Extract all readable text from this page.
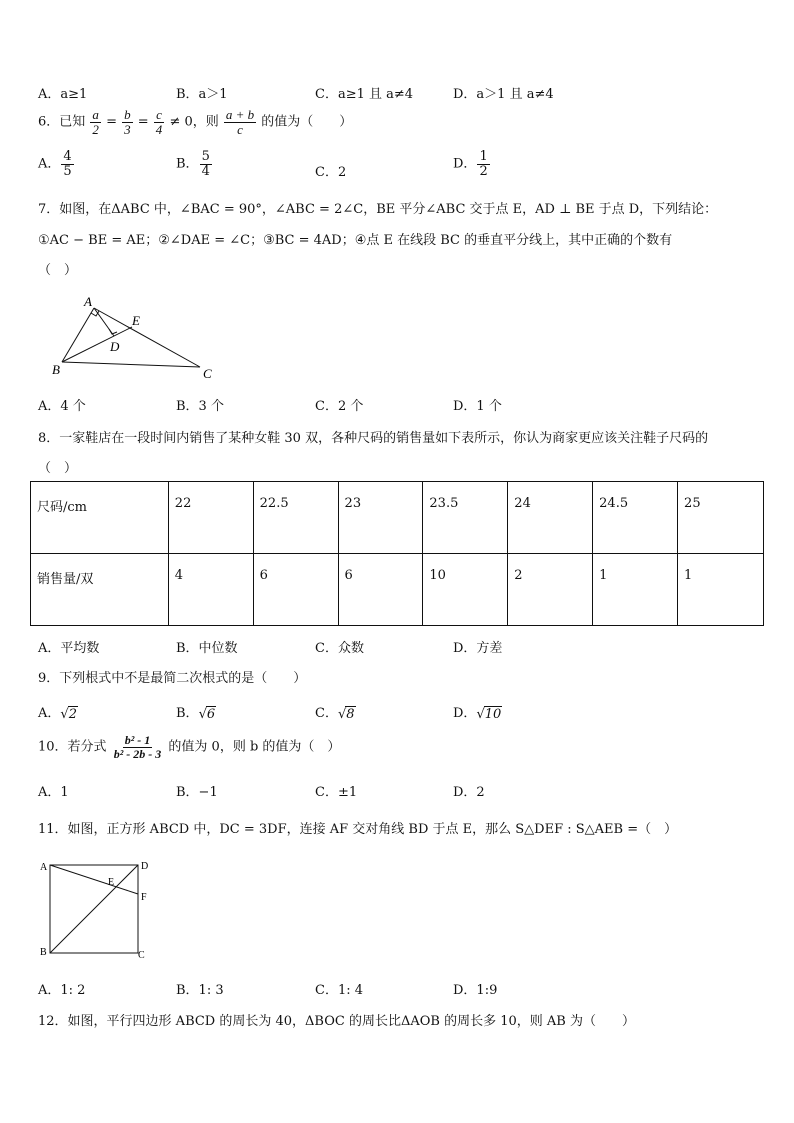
A．a≥1	B．a＞1	C．a≥1 且 a≠4	D．a＞1 且 a≠4
6．已知 $\frac{a}{2} = \frac{b}{3} = \frac{c}{4} \ne 0$，则 $\frac{a + b}{c}$ 的值为（　　）
A． $\frac{4}{5}$	B． $\frac{5}{4}$	C．2
D． $\frac{1}{2}$
7．如图，在ΔABC 中，∠BAC = 90°，∠ABC = 2∠C，BE 平分∠ABC 交于点 E，AD ⊥ BE 于点 D，下列结论：
①AC − BE = AE；②∠DAE = ∠C；③BC = 4AD；④点 E 在线段 BC 的垂直平分线上，其中正确的个数有
（　）
A
B	C
D
E
A．4 个	B．3 个	C．2 个	D．1 个
8．一家鞋店在一段时间内销售了某种女鞋 30 双，各种尺码的销售量如下表所示，你认为商家更应该关注鞋子尺码的
（　）
尺码/cm	22	22.5	23	23.5	24	24.5	25
销售量/双	4	6	6	10	2	1	1
A．平均数	B．中位数	C．众数	D．方差
9．下列根式中不是最简二次根式的是（　　）
A．√2	B．√6	C．√8	D．√10
10．若分式 $\frac{\text{b² - 1}}{\text{b² - 2b - 3}}$ 的值为 0，则 b 的值为（　）
A．1	B．−1	C．±1	D．2
11．如图，正方形 ABCD 中，DC = 3DF，连接 AF 交对角线 BD 于点 E，那么 S△DEF : S△AEB =（　）
A	D
E
F
B	C
A．1: 2	B．1: 3	C．1: 4	D．1:9
12．如图，平行四边形 ABCD 的周长为 40，ΔBOC 的周长比ΔAOB 的周长多 10，则 AB 为（　　）
